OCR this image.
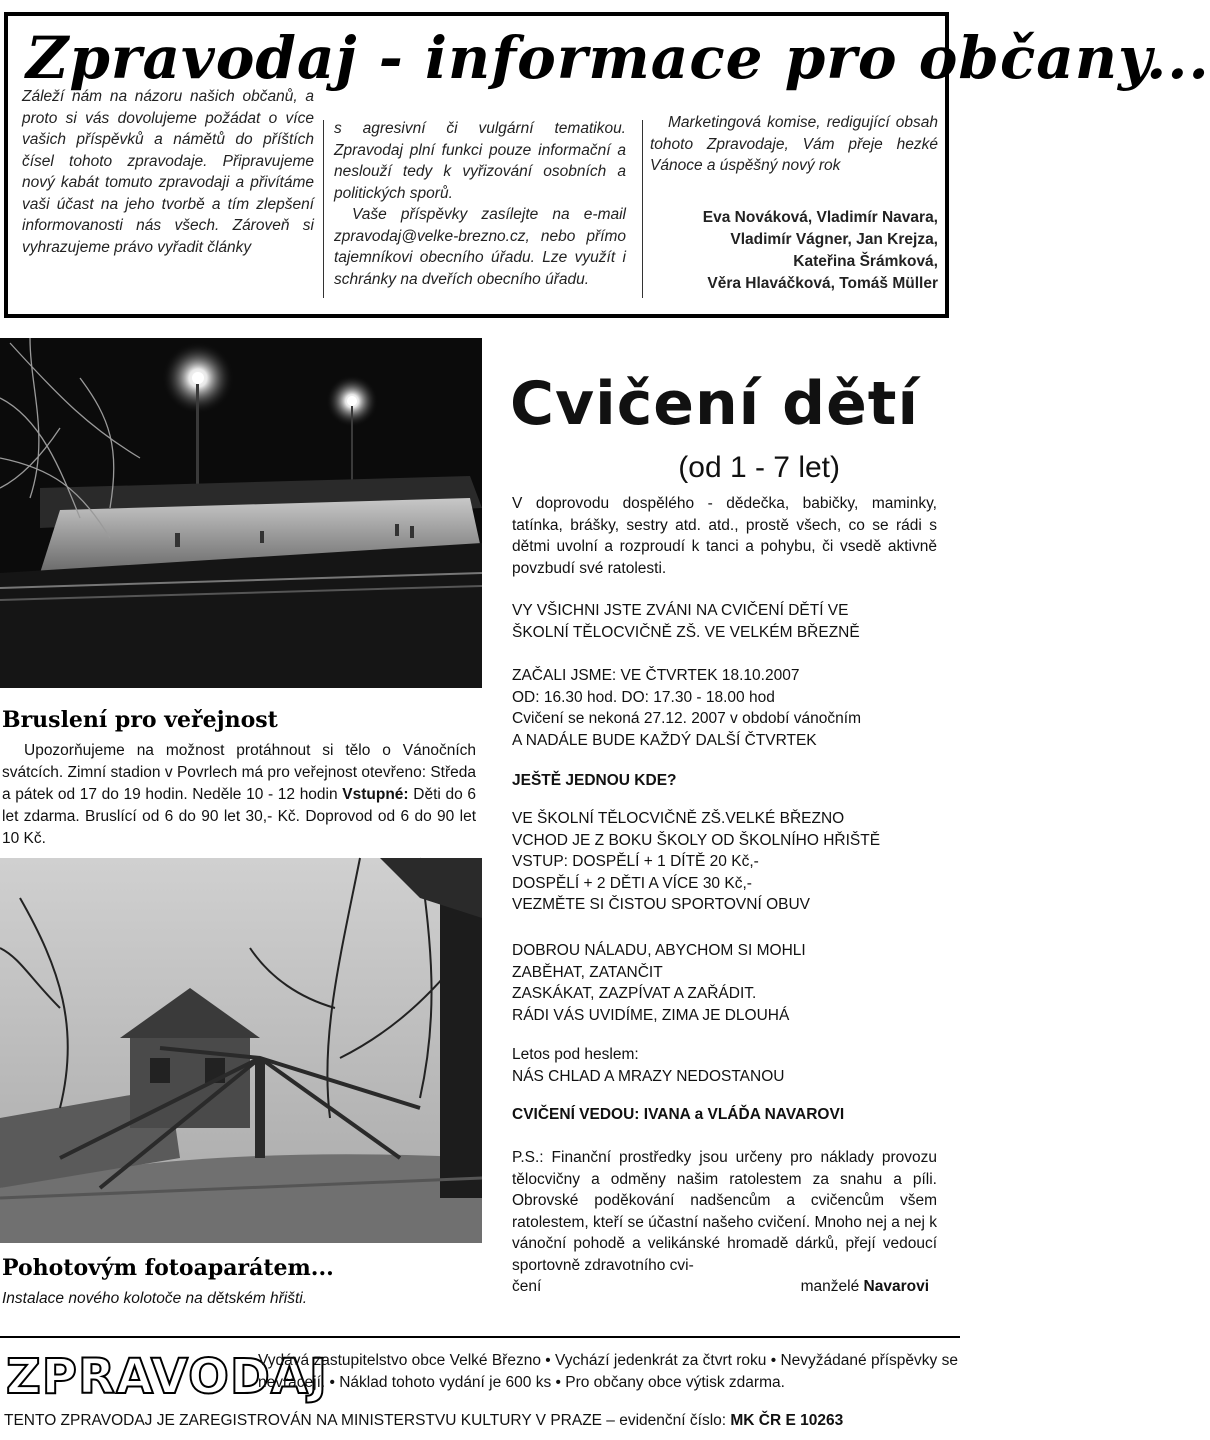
Zpravodaj - informace pro občany...

Záleží nám na názoru našich občanů, a proto si vás dovolujeme požádat o více vašich příspěvků a námětů do příštích čísel tohoto zpravodaje. Připravujeme nový kabát tomuto zpravodaji a přivítáme vaši účast na jeho tvorbě a tím zlepšení informovanosti nás všech. Zároveň si vyhrazujeme právo vyřadit články

s agresivní či vulgární tematikou. Zpravodaj plní funkci pouze informační a neslouží tedy k vyřizování osobních a politických sporů.

Vaše příspěvky zasílejte na e-mail zpravodaj@velke-brezno.cz, nebo přímo tajemníkovi obecního úřadu. Lze využít i schránky na dveřích obecního úřadu.

Marketingová komise, redigující obsah tohoto Zpravodaje, Vám přeje hezké Vánoce a úspěšný nový rok

Eva Nováková, Vladimír Navara,
Vladimír Vágner, Jan Krejza,
Kateřina Šrámková,
Věra Hlaváčková, Tomáš Müller
Bruslení pro veřejnost
Upozorňujeme na možnost protáhnout si tělo o Vánočních svátcích. Zimní stadion v Povrlech má pro veřejnost otevřeno: Středa a pátek od 17 do 19 hodin. Neděle 10 - 12 hodin Vstupné: Děti do 6 let zdarma. Bruslící od 6 do 90 let 30,- Kč. Doprovod od 6 do 90 let 10 Kč.
Pohotovým fotoaparátem...
Instalace nového kolotoče na dětském hřišti.
Cvičení dětí
(od 1 - 7 let)
V doprovodu dospělého - dědečka, babičky, maminky, tatínka, brášky, sestry atd. atd., prostě všech, co se rádi s dětmi uvolní a rozproudí k tanci a pohybu, či vsedě aktivně povzbudí své ratolesti.

VY VŠICHNI JSTE ZVÁNI NA CVIČENÍ DĚTÍ VE

ŠKOLNÍ TĚLOCVIČNĚ ZŠ. VE VELKÉM BŘEZNĚ

ZAČALI JSME: VE ČTVRTEK 18.10.2007

OD: 16.30 hod. DO: 17.30 - 18.00 hod

Cvičení se nekoná 27.12. 2007 v období vánočním

A NADÁLE BUDE KAŽDÝ DALŠÍ ČTVRTEK

JEŠTĚ JEDNOU KDE?

VE ŠKOLNÍ TĚLOCVIČNĚ ZŠ.VELKÉ BŘEZNO

VCHOD JE Z BOKU ŠKOLY OD ŠKOLNÍHO HŘIŠTĚ

VSTUP: DOSPĚLÍ + 1 DÍTĚ 20 Kč,-

DOSPĚLÍ + 2 DĚTI A VÍCE 30 Kč,-

VEZMĚTE SI ČISTOU SPORTOVNÍ OBUV

DOBROU NÁLADU, ABYCHOM SI MOHLI

ZABĚHAT, ZATANČIT

ZASKÁKAT, ZAZPÍVAT A ZAŘÁDIT.

RÁDI VÁS UVIDÍME, ZIMA JE DLOUHÁ

Letos pod heslem:

NÁS CHLAD A MRAZY NEDOSTANOU

CVIČENÍ VEDOU: IVANA a VLÁĎA NAVAROVI

P.S.: Finanční prostředky jsou určeny pro náklady provozu tělocvičny a odměny našim ratolestem za snahu a píli. Obrovské poděkování nadšencům a cvičencům všem ratolestem, kteří se účastní našeho cvičení. Mnoho nej a nej k vánoční pohodě a velikánské hromadě dárků, přejí vedoucí sportovně zdravotního cvi-

čení	manželé Navarovi
ZPRAVODAJ
Vydává zastupitelstvo obce Velké Březno • Vychází jedenkrát za čtvrt roku • Nevyžádané příspěvky se nevracejí. • Náklad tohoto vydání je 600 ks • Pro občany obce výtisk zdarma.
TENTO ZPRAVODAJ JE ZAREGISTROVÁN NA MINISTERSTVU KULTURY V PRAZE – evidenční číslo: MK ČR E 10263
